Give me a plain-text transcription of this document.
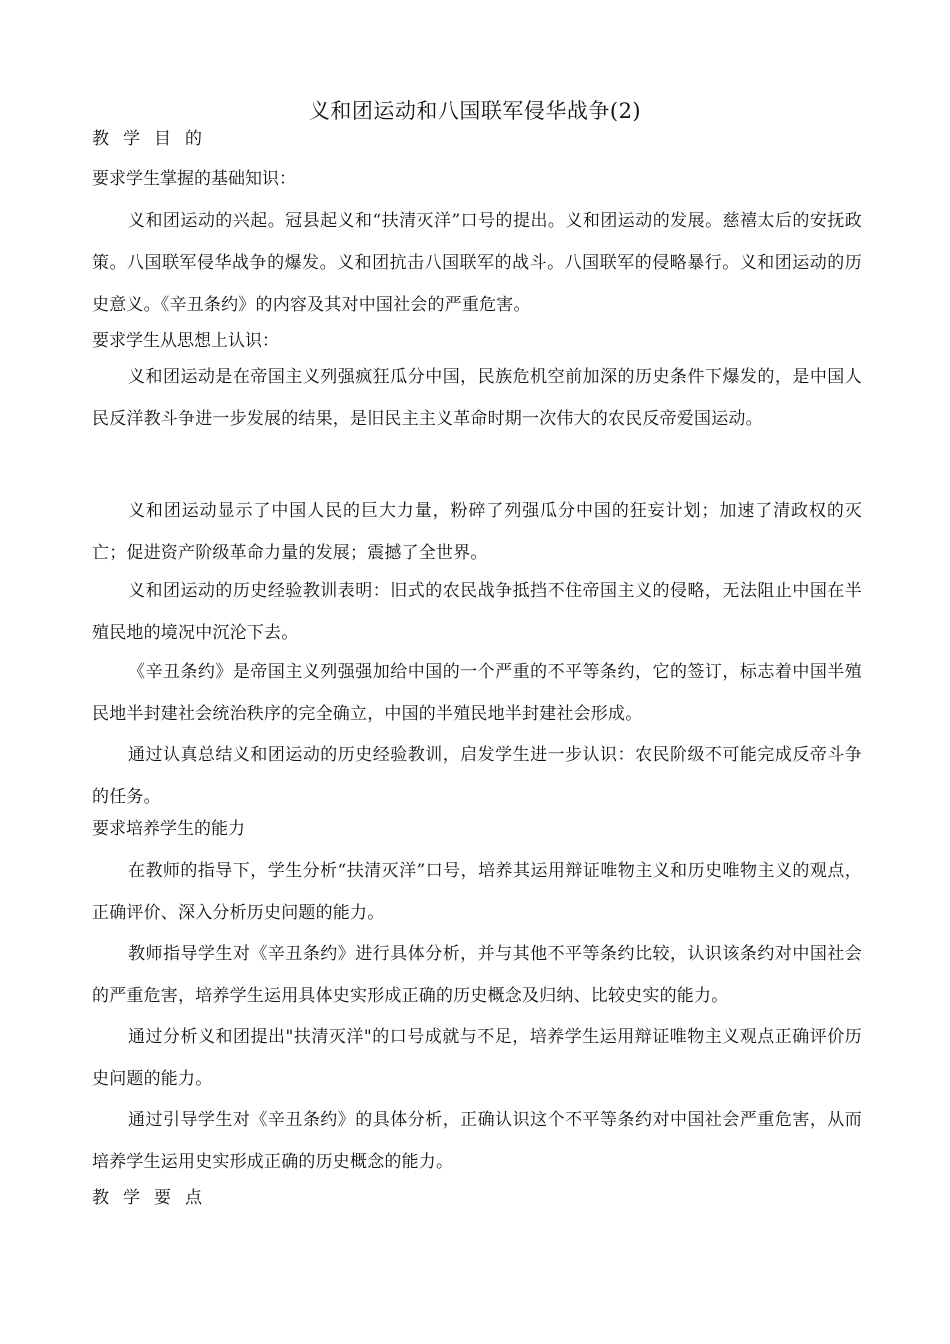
义和团运动和八国联军侵华战争(2)
教学目的
要求学生掌握的基础知识：
义和团运动的兴起。冠县起义和“扶清灭洋”口号的提出。义和团运动的发展。慈禧太后的安抚政策。八国联军侵华战争的爆发。义和团抗击八国联军的战斗。八国联军的侵略暴行。义和团运动的历史意义。《辛丑条约》的内容及其对中国社会的严重危害。
要求学生从思想上认识：
义和团运动是在帝国主义列强疯狂瓜分中国，民族危机空前加深的历史条件下爆发的，是中国人民反洋教斗争进一步发展的结果，是旧民主主义革命时期一次伟大的农民反帝爱国运动。
义和团运动显示了中国人民的巨大力量，粉碎了列强瓜分中国的狂妄计划；加速了清政权的灭亡；促进资产阶级革命力量的发展；震撼了全世界。
义和团运动的历史经验教训表明：旧式的农民战争抵挡不住帝国主义的侵略，无法阻止中国在半殖民地的境况中沉沦下去。
《辛丑条约》是帝国主义列强强加给中国的一个严重的不平等条约，它的签订，标志着中国半殖民地半封建社会统治秩序的完全确立，中国的半殖民地半封建社会形成。
通过认真总结义和团运动的历史经验教训，启发学生进一步认识：农民阶级不可能完成反帝斗争的任务。
要求培养学生的能力
在教师的指导下，学生分析“扶清灭洋”口号，培养其运用辩证唯物主义和历史唯物主义的观点，正确评价、深入分析历史问题的能力。
教师指导学生对《辛丑条约》进行具体分析，并与其他不平等条约比较，认识该条约对中国社会的严重危害，培养学生运用具体史实形成正确的历史概念及归纳、比较史实的能力。
通过分析义和团提出"扶清灭洋"的口号成就与不足，培养学生运用辩证唯物主义观点正确评价历史问题的能力。
通过引导学生对《辛丑条约》的具体分析，正确认识这个不平等条约对中国社会严重危害，从而培养学生运用史实形成正确的历史概念的能力。
教学要点
